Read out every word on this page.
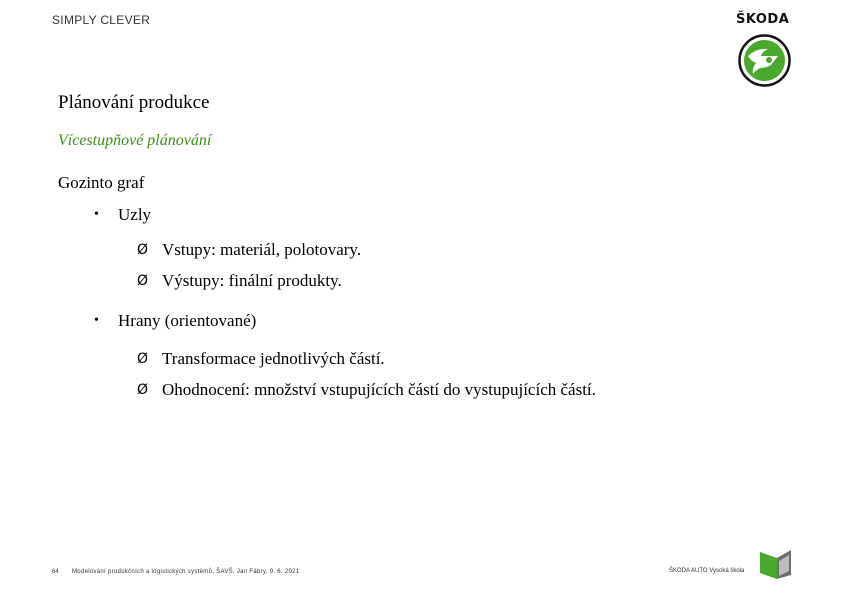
SIMPLY CLEVER	ŠKODA
Plánování produkce
Vícestupňové plánování
Gozinto graf
• Uzly
Ø Vstupy: materiál, polotovary.
Ø Výstupy: finální produkty.
• Hrany (orientované)
Ø Transformace jednotlivých částí.
Ø Ohodnocení: množství vstupujících částí do vystupujících částí.
64 Modelování produkčních a logistických systémů, ŠAVŠ, Jan Fábry, 9. 6. 2021	ŠKODA AUTO Vysoká škola
